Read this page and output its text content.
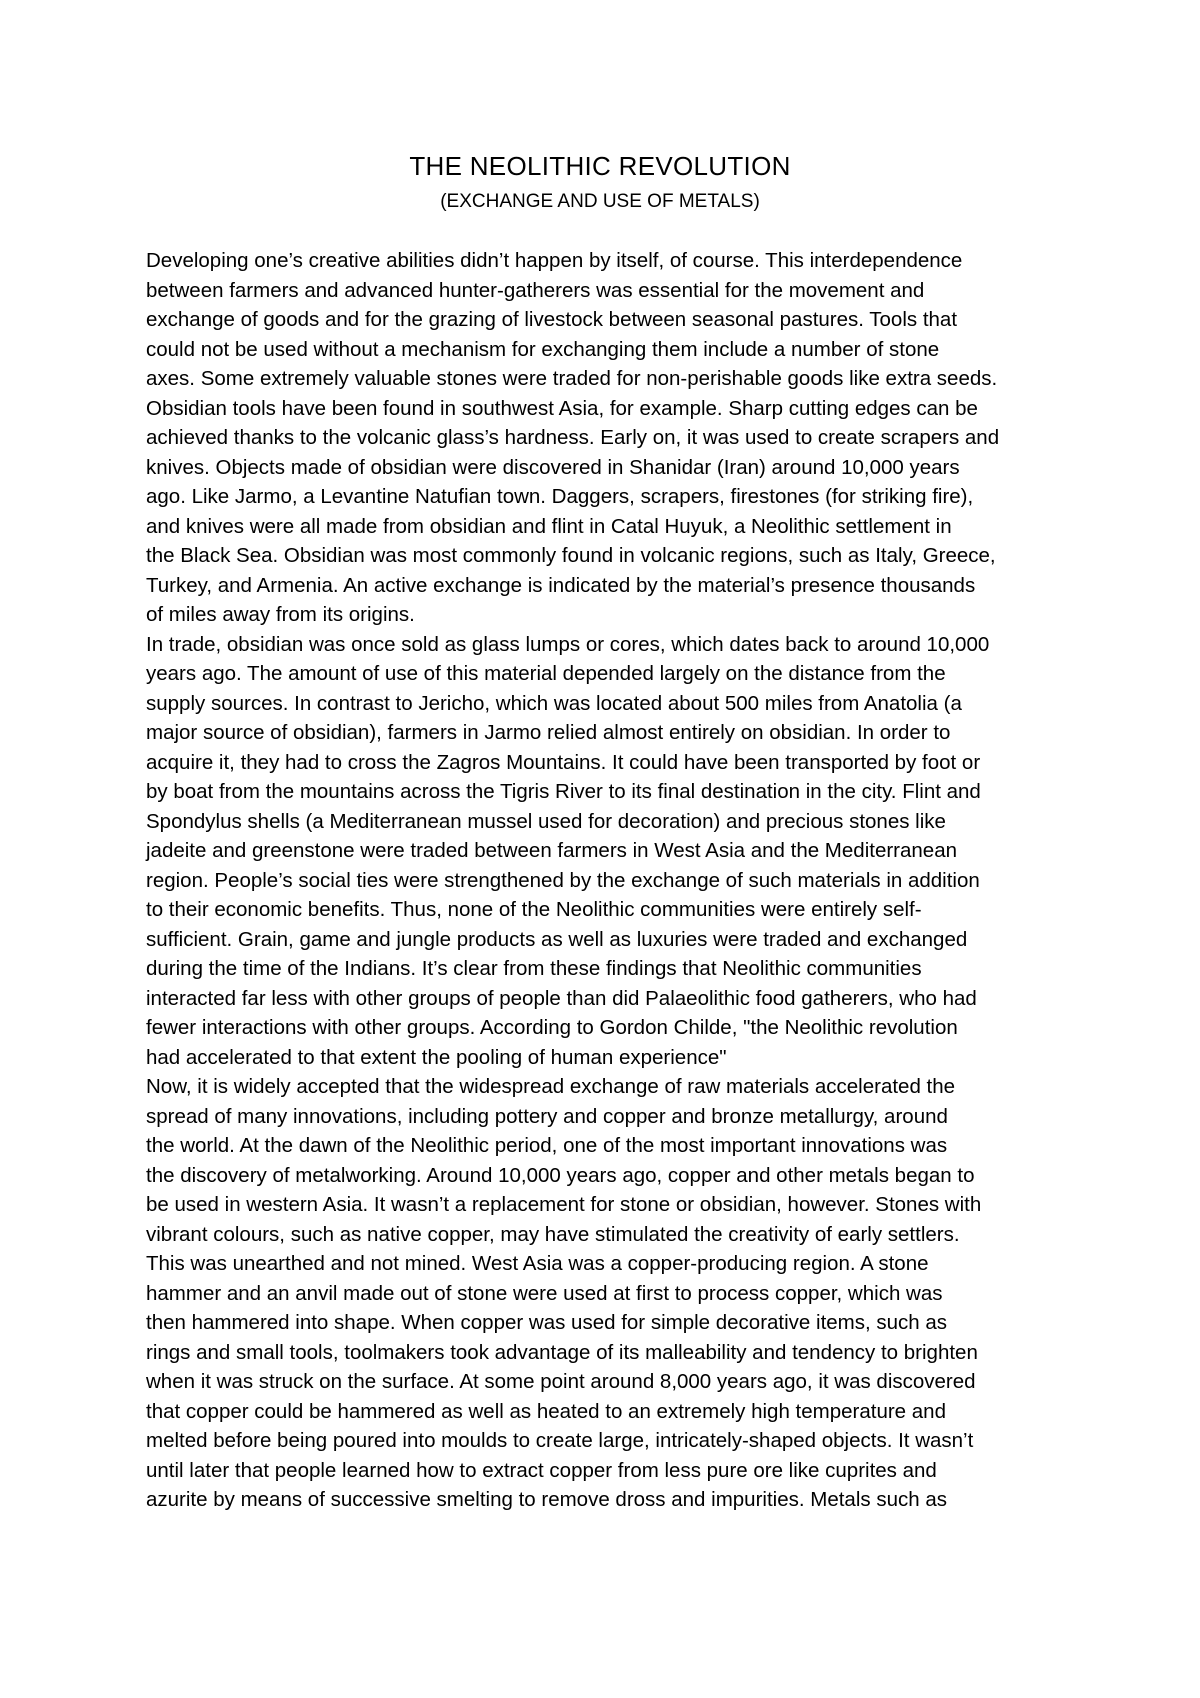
THE NEOLITHIC REVOLUTION
(EXCHANGE AND USE OF METALS)

Developing one’s creative abilities didn’t happen by itself, of course. This interdependence
between farmers and advanced hunter-gatherers was essential for the movement and
exchange of goods and for the grazing of livestock between seasonal pastures. Tools that
could not be used without a mechanism for exchanging them include a number of stone
axes. Some extremely valuable stones were traded for non-perishable goods like extra seeds.
Obsidian tools have been found in southwest Asia, for example. Sharp cutting edges can be
achieved thanks to the volcanic glass’s hardness. Early on, it was used to create scrapers and
knives. Objects made of obsidian were discovered in Shanidar (Iran) around 10,000 years
ago. Like Jarmo, a Levantine Natufian town. Daggers, scrapers, firestones (for striking fire),
and knives were all made from obsidian and flint in Catal Huyuk, a Neolithic settlement in
the Black Sea. Obsidian was most commonly found in volcanic regions, such as Italy, Greece,
Turkey, and Armenia. An active exchange is indicated by the material’s presence thousands
of miles away from its origins.

In trade, obsidian was once sold as glass lumps or cores, which dates back to around 10,000
years ago. The amount of use of this material depended largely on the distance from the
supply sources. In contrast to Jericho, which was located about 500 miles from Anatolia (a
major source of obsidian), farmers in Jarmo relied almost entirely on obsidian. In order to
acquire it, they had to cross the Zagros Mountains. It could have been transported by foot or
by boat from the mountains across the Tigris River to its final destination in the city. Flint and
Spondylus shells (a Mediterranean mussel used for decoration) and precious stones like
jadeite and greenstone were traded between farmers in West Asia and the Mediterranean
region. People’s social ties were strengthened by the exchange of such materials in addition
to their economic benefits. Thus, none of the Neolithic communities were entirely self-
sufficient. Grain, game and jungle products as well as luxuries were traded and exchanged
during the time of the Indians. It’s clear from these findings that Neolithic communities
interacted far less with other groups of people than did Palaeolithic food gatherers, who had
fewer interactions with other groups. According to Gordon Childe, "the Neolithic revolution
had accelerated to that extent the pooling of human experience"

Now, it is widely accepted that the widespread exchange of raw materials accelerated the
spread of many innovations, including pottery and copper and bronze metallurgy, around
the world. At the dawn of the Neolithic period, one of the most important innovations was
the discovery of metalworking. Around 10,000 years ago, copper and other metals began to
be used in western Asia. It wasn’t a replacement for stone or obsidian, however. Stones with
vibrant colours, such as native copper, may have stimulated the creativity of early settlers.
This was unearthed and not mined. West Asia was a copper-producing region. A stone
hammer and an anvil made out of stone were used at first to process copper, which was
then hammered into shape. When copper was used for simple decorative items, such as
rings and small tools, toolmakers took advantage of its malleability and tendency to brighten
when it was struck on the surface. At some point around 8,000 years ago, it was discovered
that copper could be hammered as well as heated to an extremely high temperature and
melted before being poured into moulds to create large, intricately-shaped objects. It wasn’t
until later that people learned how to extract copper from less pure ore like cuprites and
azurite by means of successive smelting to remove dross and impurities. Metals such as
